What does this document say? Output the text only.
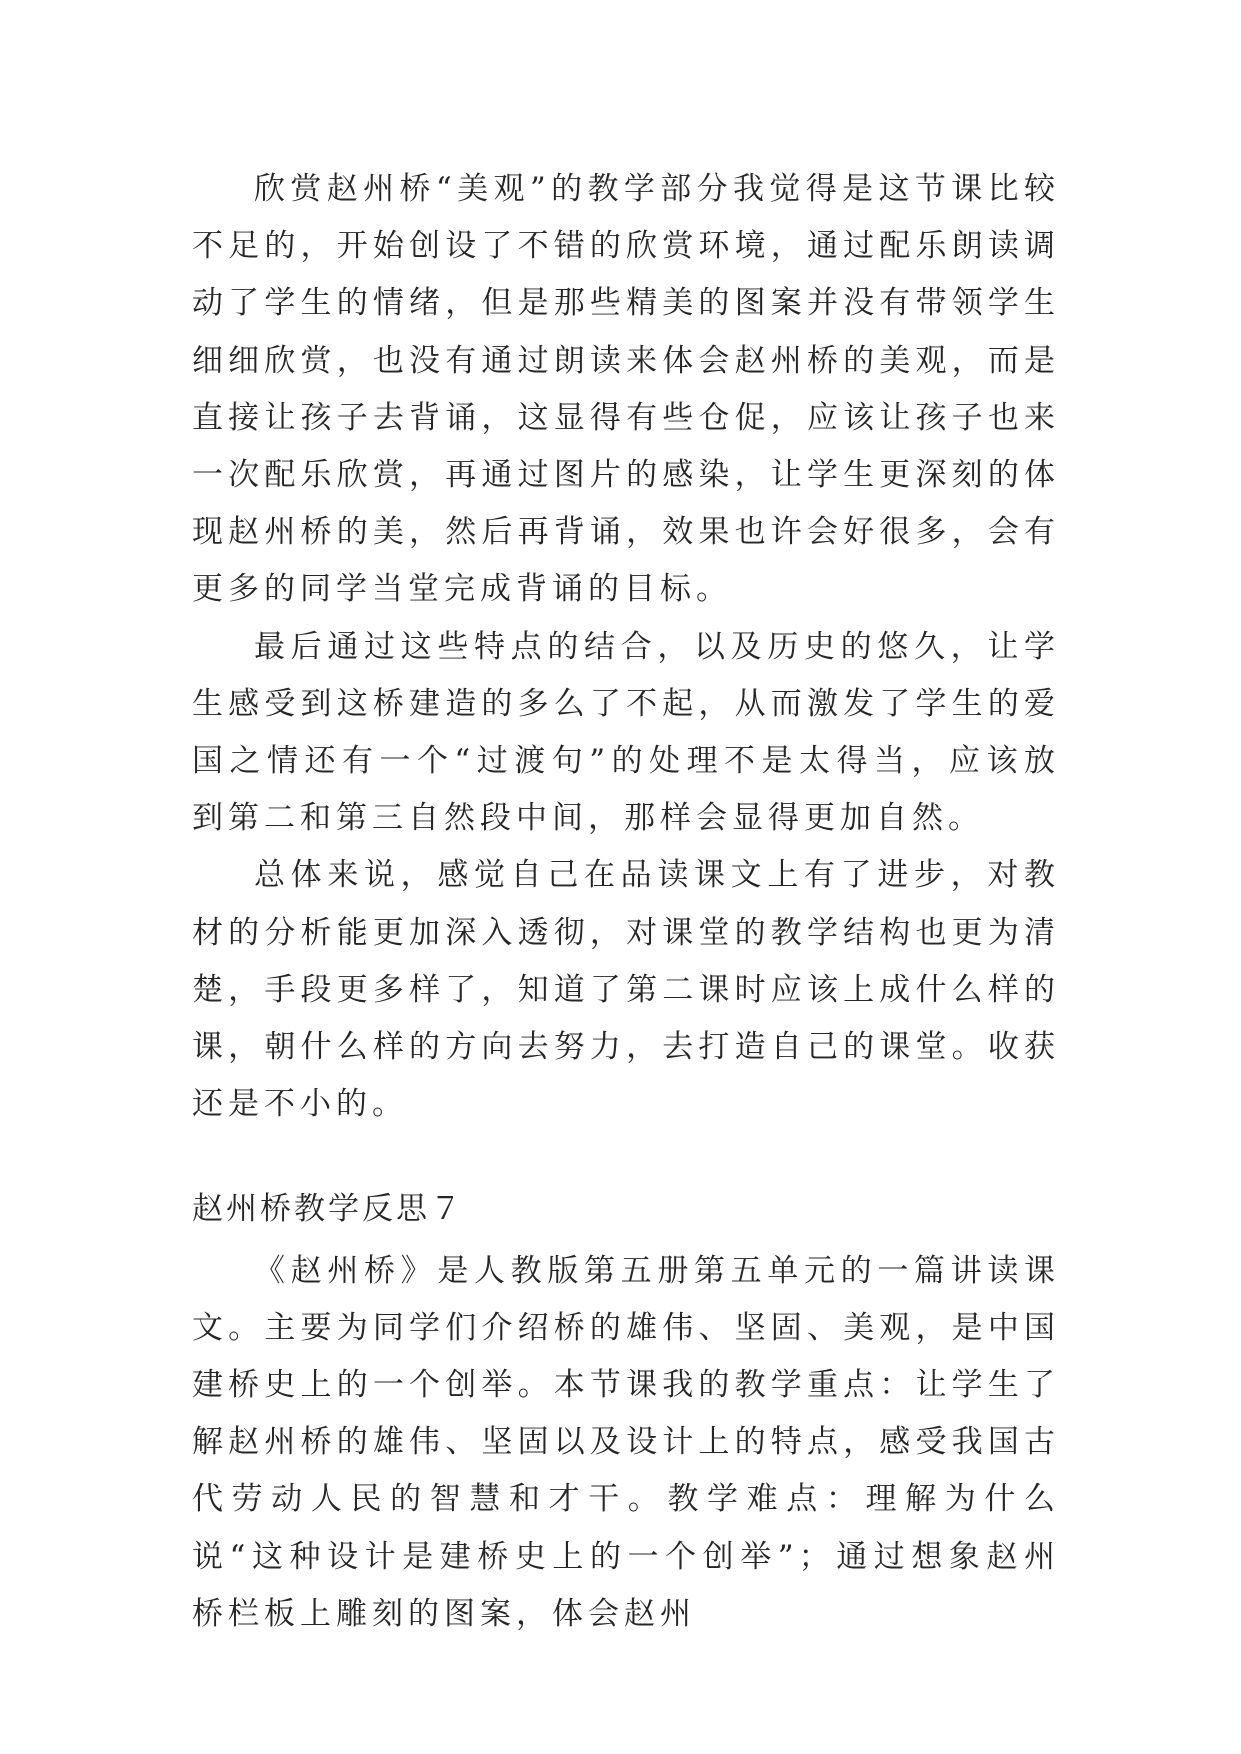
欣赏赵州桥“美观”的教学部分我觉得是这节课比较不足的，开始创设了不错的欣赏环境，通过配乐朗读调动了学生的情绪，但是那些精美的图案并没有带领学生细细欣赏，也没有通过朗读来体会赵州桥的美观，而是直接让孩子去背诵，这显得有些仓促，应该让孩子也来一次配乐欣赏，再通过图片的感染，让学生更深刻的体现赵州桥的美，然后再背诵，效果也许会好很多，会有更多的同学当堂完成背诵的目标。

最后通过这些特点的结合，以及历史的悠久，让学生感受到这桥建造的多么了不起，从而激发了学生的爱国之情还有一个“过渡句”的处理不是太得当，应该放到第二和第三自然段中间，那样会显得更加自然。

总体来说，感觉自己在品读课文上有了进步，对教材的分析能更加深入透彻，对课堂的教学结构也更为清楚，手段更多样了，知道了第二课时应该上成什么样的课，朝什么样的方向去努力，去打造自己的课堂。收获还是不小的。

赵州桥教学反思７

《赵州桥》是人教版第五册第五单元的一篇讲读课文。主要为同学们介绍桥的雄伟、坚固、美观，是中国建桥史上的一个创举。本节课我的教学重点：让学生了解赵州桥的雄伟、坚固以及设计上的特点，感受我国古代劳动人民的智慧和才干。教学难点：理解为什么说“这种设计是建桥史上的一个创举”；通过想象赵州桥栏板上雕刻的图案，体会赵州
